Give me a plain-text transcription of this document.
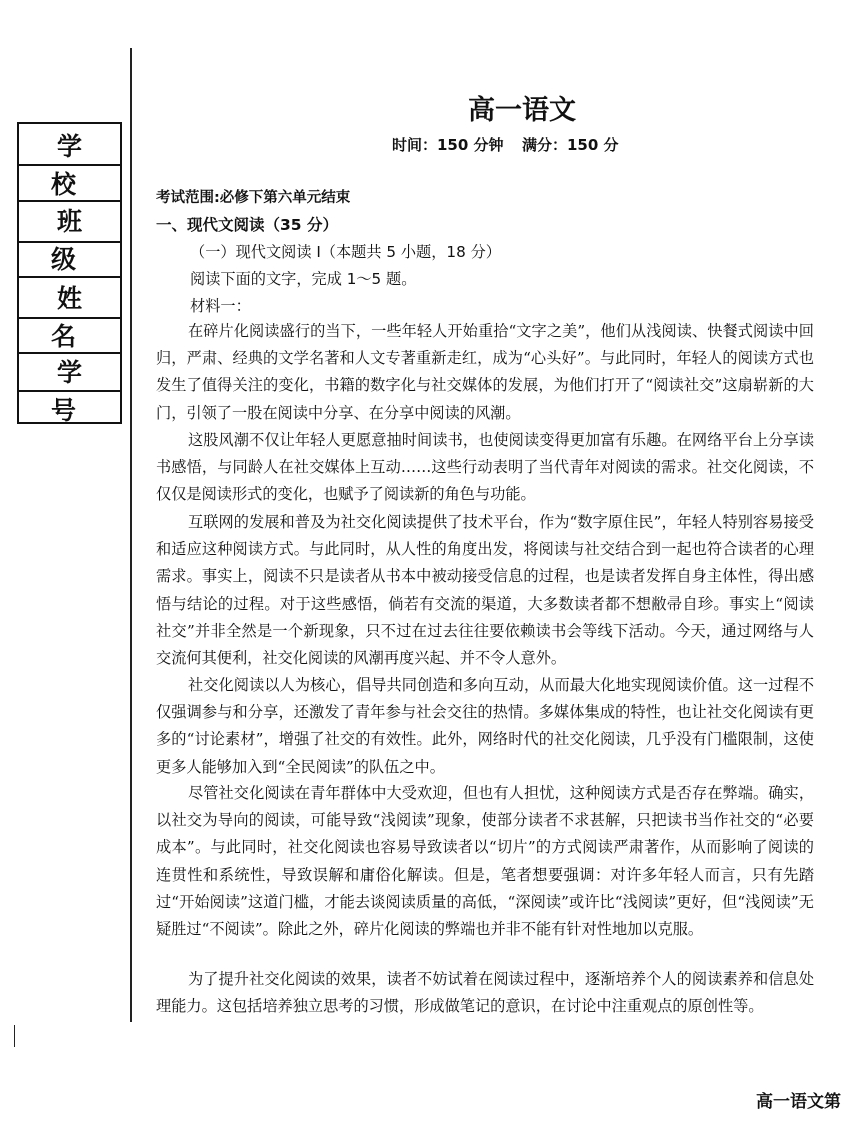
学 校
班 级
姓 名
学 号
高一语文
时间：150 分钟 满分：150 分
考试范围:必修下第六单元结束
一、现代文阅读（35 分）
（一）现代文阅读 I（本题共 5 小题，18 分）
阅读下面的文字，完成 1～5 题。
材料一：
在碎片化阅读盛行的当下，一些年轻人开始重拾“文字之美”，他们从浅阅读、快餐式阅读中回归，严肃、经典的文学名著和人文专著重新走红，成为“心头好”。与此同时，年轻人的阅读方式也发生了值得关注的变化，书籍的数字化与社交媒体的发展，为他们打开了“阅读社交”这扇崭新的大门，引领了一股在阅读中分享、在分享中阅读的风潮。
这股风潮不仅让年轻人更愿意抽时间读书，也使阅读变得更加富有乐趣。在网络平台上分享读书感悟，与同龄人在社交媒体上互动……这些行动表明了当代青年对阅读的需求。社交化阅读，不仅仅是阅读形式的变化，也赋予了阅读新的角色与功能。
互联网的发展和普及为社交化阅读提供了技术平台，作为“数字原住民”，年轻人特别容易接受和适应这种阅读方式。与此同时，从人性的角度出发，将阅读与社交结合到一起也符合读者的心理需求。事实上，阅读不只是读者从书本中被动接受信息的过程，也是读者发挥自身主体性，得出感悟与结论的过程。对于这些感悟，倘若有交流的渠道，大多数读者都不想敝帚自珍。事实上“阅读社交”并非全然是一个新现象，只不过在过去往往要依赖读书会等线下活动。今天，通过网络与人交流何其便利，社交化阅读的风潮再度兴起、并不令人意外。
社交化阅读以人为核心，倡导共同创造和多向互动，从而最大化地实现阅读价值。这一过程不仅强调参与和分享，还激发了青年参与社会交往的热情。多媒体集成的特性，也让社交化阅读有更多的“讨论素材”，增强了社交的有效性。此外，网络时代的社交化阅读，几乎没有门槛限制，这使更多人能够加入到“全民阅读”的队伍之中。
尽管社交化阅读在青年群体中大受欢迎，但也有人担忧，这种阅读方式是否存在弊端。确实，以社交为导向的阅读，可能导致“浅阅读”现象，使部分读者不求甚解，只把读书当作社交的“必要成本”。与此同时，社交化阅读也容易导致读者以“切片”的方式阅读严肃著作，从而影响了阅读的连贯性和系统性，导致误解和庸俗化解读。但是，笔者想要强调：对许多年轻人而言，只有先踏过“开始阅读”这道门槛，才能去谈阅读质量的高低，“深阅读”或许比“浅阅读”更好，但“浅阅读”无疑胜过“不阅读”。除此之外，碎片化阅读的弊端也并非不能有针对性地加以克服。
为了提升社交化阅读的效果，读者不妨试着在阅读过程中，逐渐培养个人的阅读素养和信息处理能力。这包括培养独立思考的习惯，形成做笔记的意识，在讨论中注重观点的原创性等。
高一语文第
